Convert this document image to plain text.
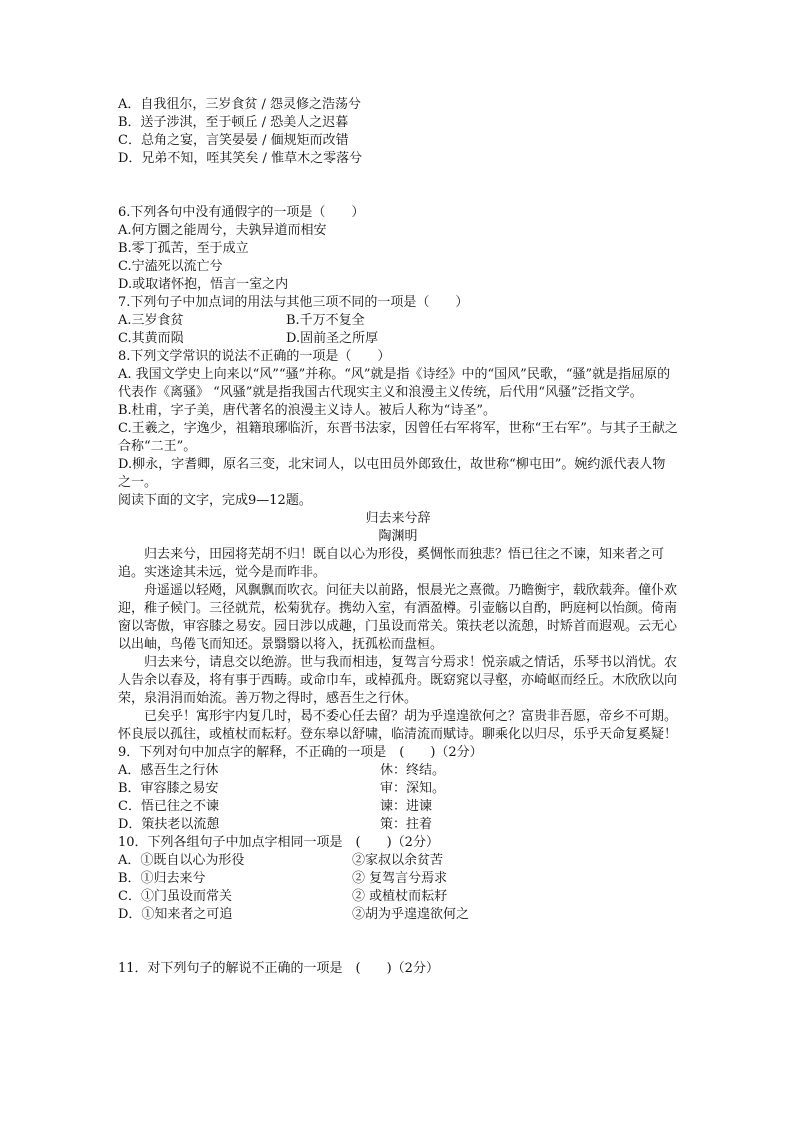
A．自我徂尔，三岁食贫 / 怨灵修之浩荡兮
B．送子涉淇，至于顿丘 / 恐美人之迟暮
C．总角之宴，言笑晏晏 / 偭规矩而改错
D．兄弟不知，咥其笑矣 / 惟草木之零落兮
6.下列各句中没有通假字的一项是（　　）
A.何方圜之能周兮，夫孰异道而相安
B.零丁孤苦，至于成立
C.宁溘死以流亡兮
D.或取诸怀抱，悟言一室之内
7.下列句子中加点词的用法与其他三项不同的一项是（　　）
A.三岁食贫	B.千万不复全
C.其黄而陨	D.固前圣之所厚
8.下列文学常识的说法不正确的一项是（　　）
A. 我国文学史上向来以“风”“骚”并称。“风”就是指《诗经》中的“国风”民歌，“骚”就是指屈原的代表作《离骚》 “风骚”就是指我国古代现实主义和浪漫主义传统，后代用“风骚”泛指文学。
B.杜甫，字子美，唐代著名的浪漫主义诗人。被后人称为“诗圣”。
C.王羲之，字逸少，祖籍琅琊临沂，东晋书法家，因曾任右军将军，世称“王右军”。与其子王献之合称“二王”。
D.柳永，字耆卿，原名三变，北宋词人，以屯田员外郎致仕，故世称“柳屯田”。婉约派代表人物之一。
阅读下面的文字，完成9—12题。
归去来兮辞
陶渊明
归去来兮，田园将芜胡不归！既自以心为形役，奚惆怅而独悲？悟已往之不谏，知来者之可追。实迷途其未远，觉今是而昨非。
舟遥遥以轻飏，风飘飘而吹衣。问征夫以前路，恨晨光之熹微。乃瞻衡宇，载欣载奔。僮仆欢迎，稚子候门。三径就荒，松菊犹存。携幼入室，有酒盈樽。引壶觞以自酌，眄庭柯以怡颜。倚南窗以寄傲，审容膝之易安。园日涉以成趣，门虽设而常关。策扶老以流憩，时矫首而遐观。云无心以出岫，鸟倦飞而知还。景翳翳以将入，抚孤松而盘桓。
归去来兮，请息交以绝游。世与我而相违，复驾言兮焉求！悦亲戚之情话，乐琴书以消忧。农人告余以春及，将有事于西畴。或命巾车，或棹孤舟。既窈窕以寻壑，亦崎岖而经丘。木欣欣以向荣，泉涓涓而始流。善万物之得时，感吾生之行休。
已矣乎！寓形宇内复几时，曷不委心任去留？胡为乎遑遑欲何之？富贵非吾愿，帝乡不可期。怀良辰以孤往，或植杖而耘耔。登东皋以舒啸，临清流而赋诗。聊乘化以归尽，乐乎天命复奚疑！
9．下列对句中加点字的解释，不正确的一项是　(　　)（2分）
A．感吾生之行休	休：终结。
B．审容膝之易安	审：深知。
C．悟已往之不谏	谏：进谏
D．策扶老以流憩	策：拄着
10．下列各组句子中加点字相同一项是　(　　)（2分）
A．①既自以心为形役	②家叔以余贫苦
B．①归去来兮	② 复驾言兮焉求
C．①门虽设而常关	② 或植杖而耘耔
D．①知来者之可追	②胡为乎遑遑欲何之
11．对下列句子的解说不正确的一项是　(　　)（2分）
